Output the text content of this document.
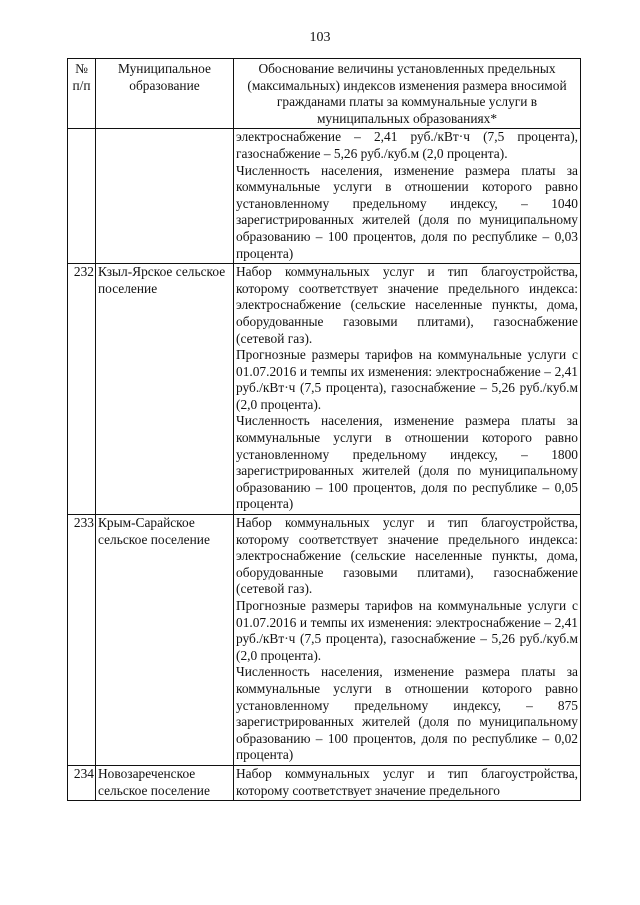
103
№ п/п	Муниципальное образование	Обоснование величины установленных предельных (максимальных) индексов изменения размера вносимой гражданами платы за коммунальные услуги в муниципальных образованиях*

		электроснабжение – 2,41 руб./кВт·ч (7,5 процента), газоснабжение – 5,26 руб./куб.м (2,0 процента).

Численность населения, изменение размера платы за коммунальные услуги в отношении которого равно установленному предельному индексу, – 1040 зарегистрированных жителей (доля по муниципальному образованию – 100 процентов, доля по республике – 0,03 процента)

232	Кзыл-Ярское сельское поселение	Набор коммунальных услуг и тип благоустройства, которому соответствует значение предельного индекса: электроснабжение (сельские населенные пункты, дома, оборудованные газовыми плитами), газоснабжение (сетевой газ).

Прогнозные размеры тарифов на коммунальные услуги с 01.07.2016 и темпы их изменения: электроснабжение – 2,41 руб./кВт·ч (7,5 процента), газоснабжение – 5,26 руб./куб.м (2,0 процента).

Численность населения, изменение размера платы за коммунальные услуги в отношении которого равно установленному предельному индексу, – 1800 зарегистрированных жителей (доля по муниципальному образованию – 100 процентов, доля по республике – 0,05 процента)

233	Крым-Сарайское сельское поселение	Набор коммунальных услуг и тип благоустройства, которому соответствует значение предельного индекса: электроснабжение (сельские населенные пункты, дома, оборудованные газовыми плитами), газоснабжение (сетевой газ).

Прогнозные размеры тарифов на коммунальные услуги с 01.07.2016 и темпы их изменения: электроснабжение – 2,41 руб./кВт·ч (7,5 процента), газоснабжение – 5,26 руб./куб.м (2,0 процента).

Численность населения, изменение размера платы за коммунальные услуги в отношении которого равно установленному предельному индексу, – 875 зарегистрированных жителей (доля по муниципальному образованию – 100 процентов, доля по республике – 0,02 процента)

234	Новозареченское сельское поселение	Набор коммунальных услуг и тип благоустройства, которому соответствует значение предельного
